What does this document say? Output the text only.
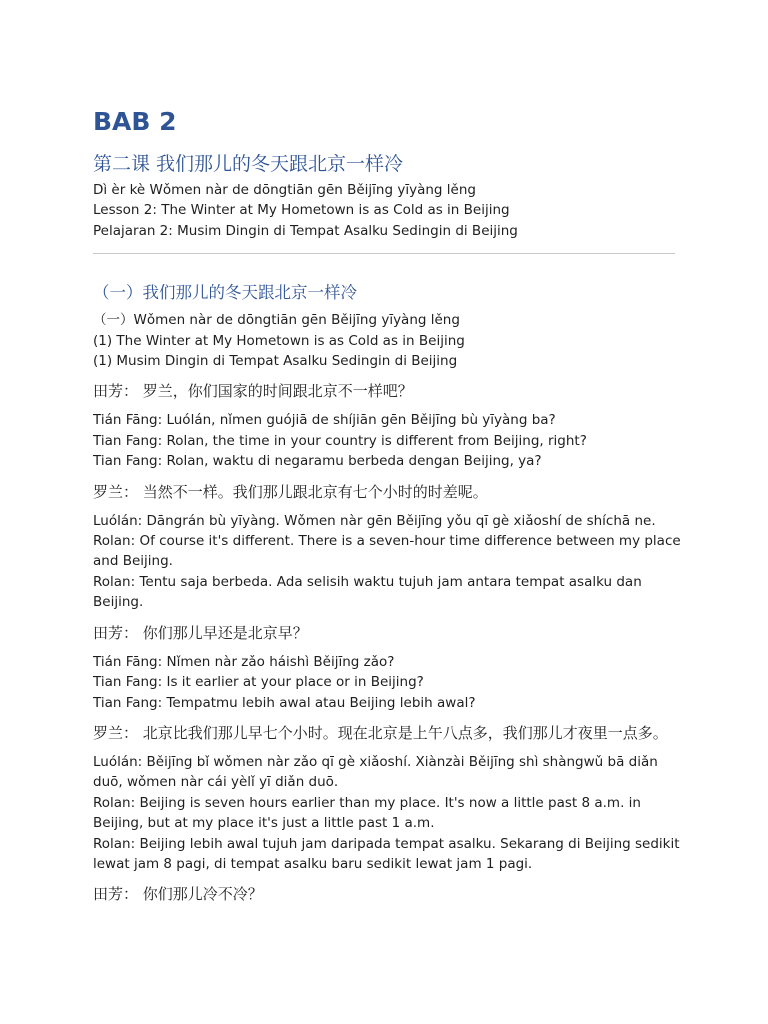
BAB 2
第二课 我们那儿的冬天跟北京一样冷

Dì èr kè Wǒmen nàr de dōngtiān gēn Běijīng yīyàng lěng

Lesson 2: The Winter at My Hometown is as Cold as in Beijing

Pelajaran 2: Musim Dingin di Tempat Asalku Sedingin di Beijing

（一）我们那儿的冬天跟北京一样冷

（一）Wǒmen nàr de dōngtiān gēn Běijīng yīyàng lěng

(1) The Winter at My Hometown is as Cold as in Beijing

(1) Musim Dingin di Tempat Asalku Sedingin di Beijing

田芳： 罗兰，你们国家的时间跟北京不一样吧？

Tián Fāng: Luólán, nǐmen guójiā de shíjiān gēn Běijīng bù yīyàng ba?

Tian Fang: Rolan, the time in your country is different from Beijing, right?

Tian Fang: Rolan, waktu di negaramu berbeda dengan Beijing, ya?

罗兰： 当然不一样。我们那儿跟北京有七个小时的时差呢。

Luólán: Dāngrán bù yīyàng. Wǒmen nàr gēn Běijīng yǒu qī gè xiǎoshí de shíchā ne.

Rolan: Of course it's different. There is a seven-hour time difference between my place and Beijing.

Rolan: Tentu saja berbeda. Ada selisih waktu tujuh jam antara tempat asalku dan Beijing.

田芳： 你们那儿早还是北京早？

Tián Fāng: Nǐmen nàr zǎo háishì Běijīng zǎo?

Tian Fang: Is it earlier at your place or in Beijing?

Tian Fang: Tempatmu lebih awal atau Beijing lebih awal?

罗兰： 北京比我们那儿早七个小时。现在北京是上午八点多，我们那儿才夜里一点多。

Luólán: Běijīng bǐ wǒmen nàr zǎo qī gè xiǎoshí. Xiànzài Běijīng shì shàngwǔ bā diǎn duō, wǒmen nàr cái yèlǐ yī diǎn duō.

Rolan: Beijing is seven hours earlier than my place. It's now a little past 8 a.m. in Beijing, but at my place it's just a little past 1 a.m.

Rolan: Beijing lebih awal tujuh jam daripada tempat asalku. Sekarang di Beijing sedikit lewat jam 8 pagi, di tempat asalku baru sedikit lewat jam 1 pagi.

田芳： 你们那儿冷不冷？
